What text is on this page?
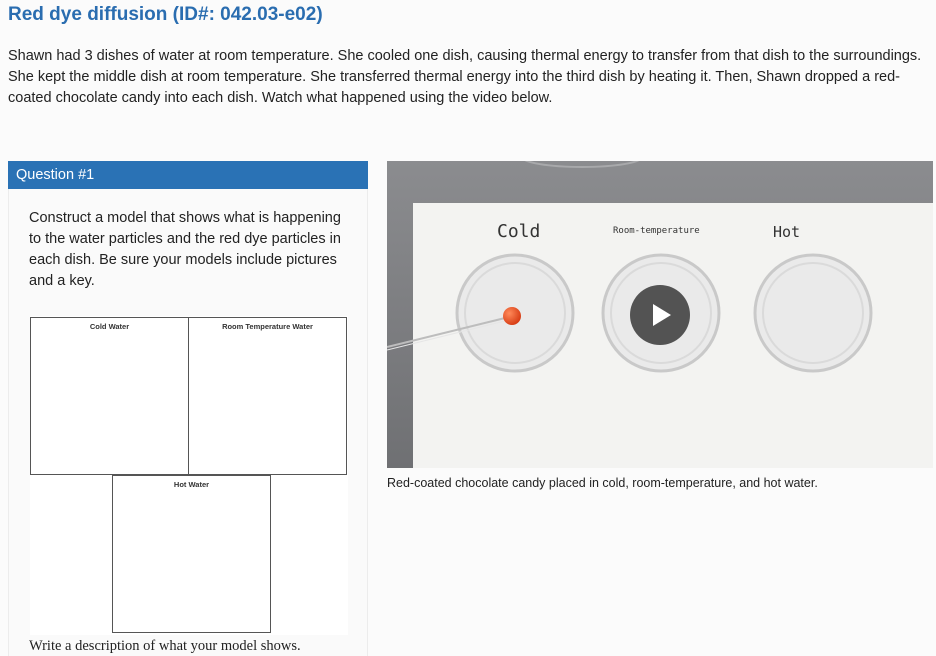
Red dye diffusion (ID#: 042.03-e02)
Shawn had 3 dishes of water at room temperature. She cooled one dish, causing thermal energy to transfer from that dish to the surroundings. She kept the middle dish at room temperature. She transferred thermal energy into the third dish by heating it. Then, Shawn dropped a red-coated chocolate candy into each dish. Watch what happened using the video below.
Question #1
Construct a model that shows what is happening to the water particles and the red dye particles in each dish. Be sure your models include pictures and a key.
Cold Water	Room Temperature Water
Hot Water
Write a description of what your model shows.
Cold	Room-temperature	Hot
Red-coated chocolate candy placed in cold, room-temperature, and hot water.
